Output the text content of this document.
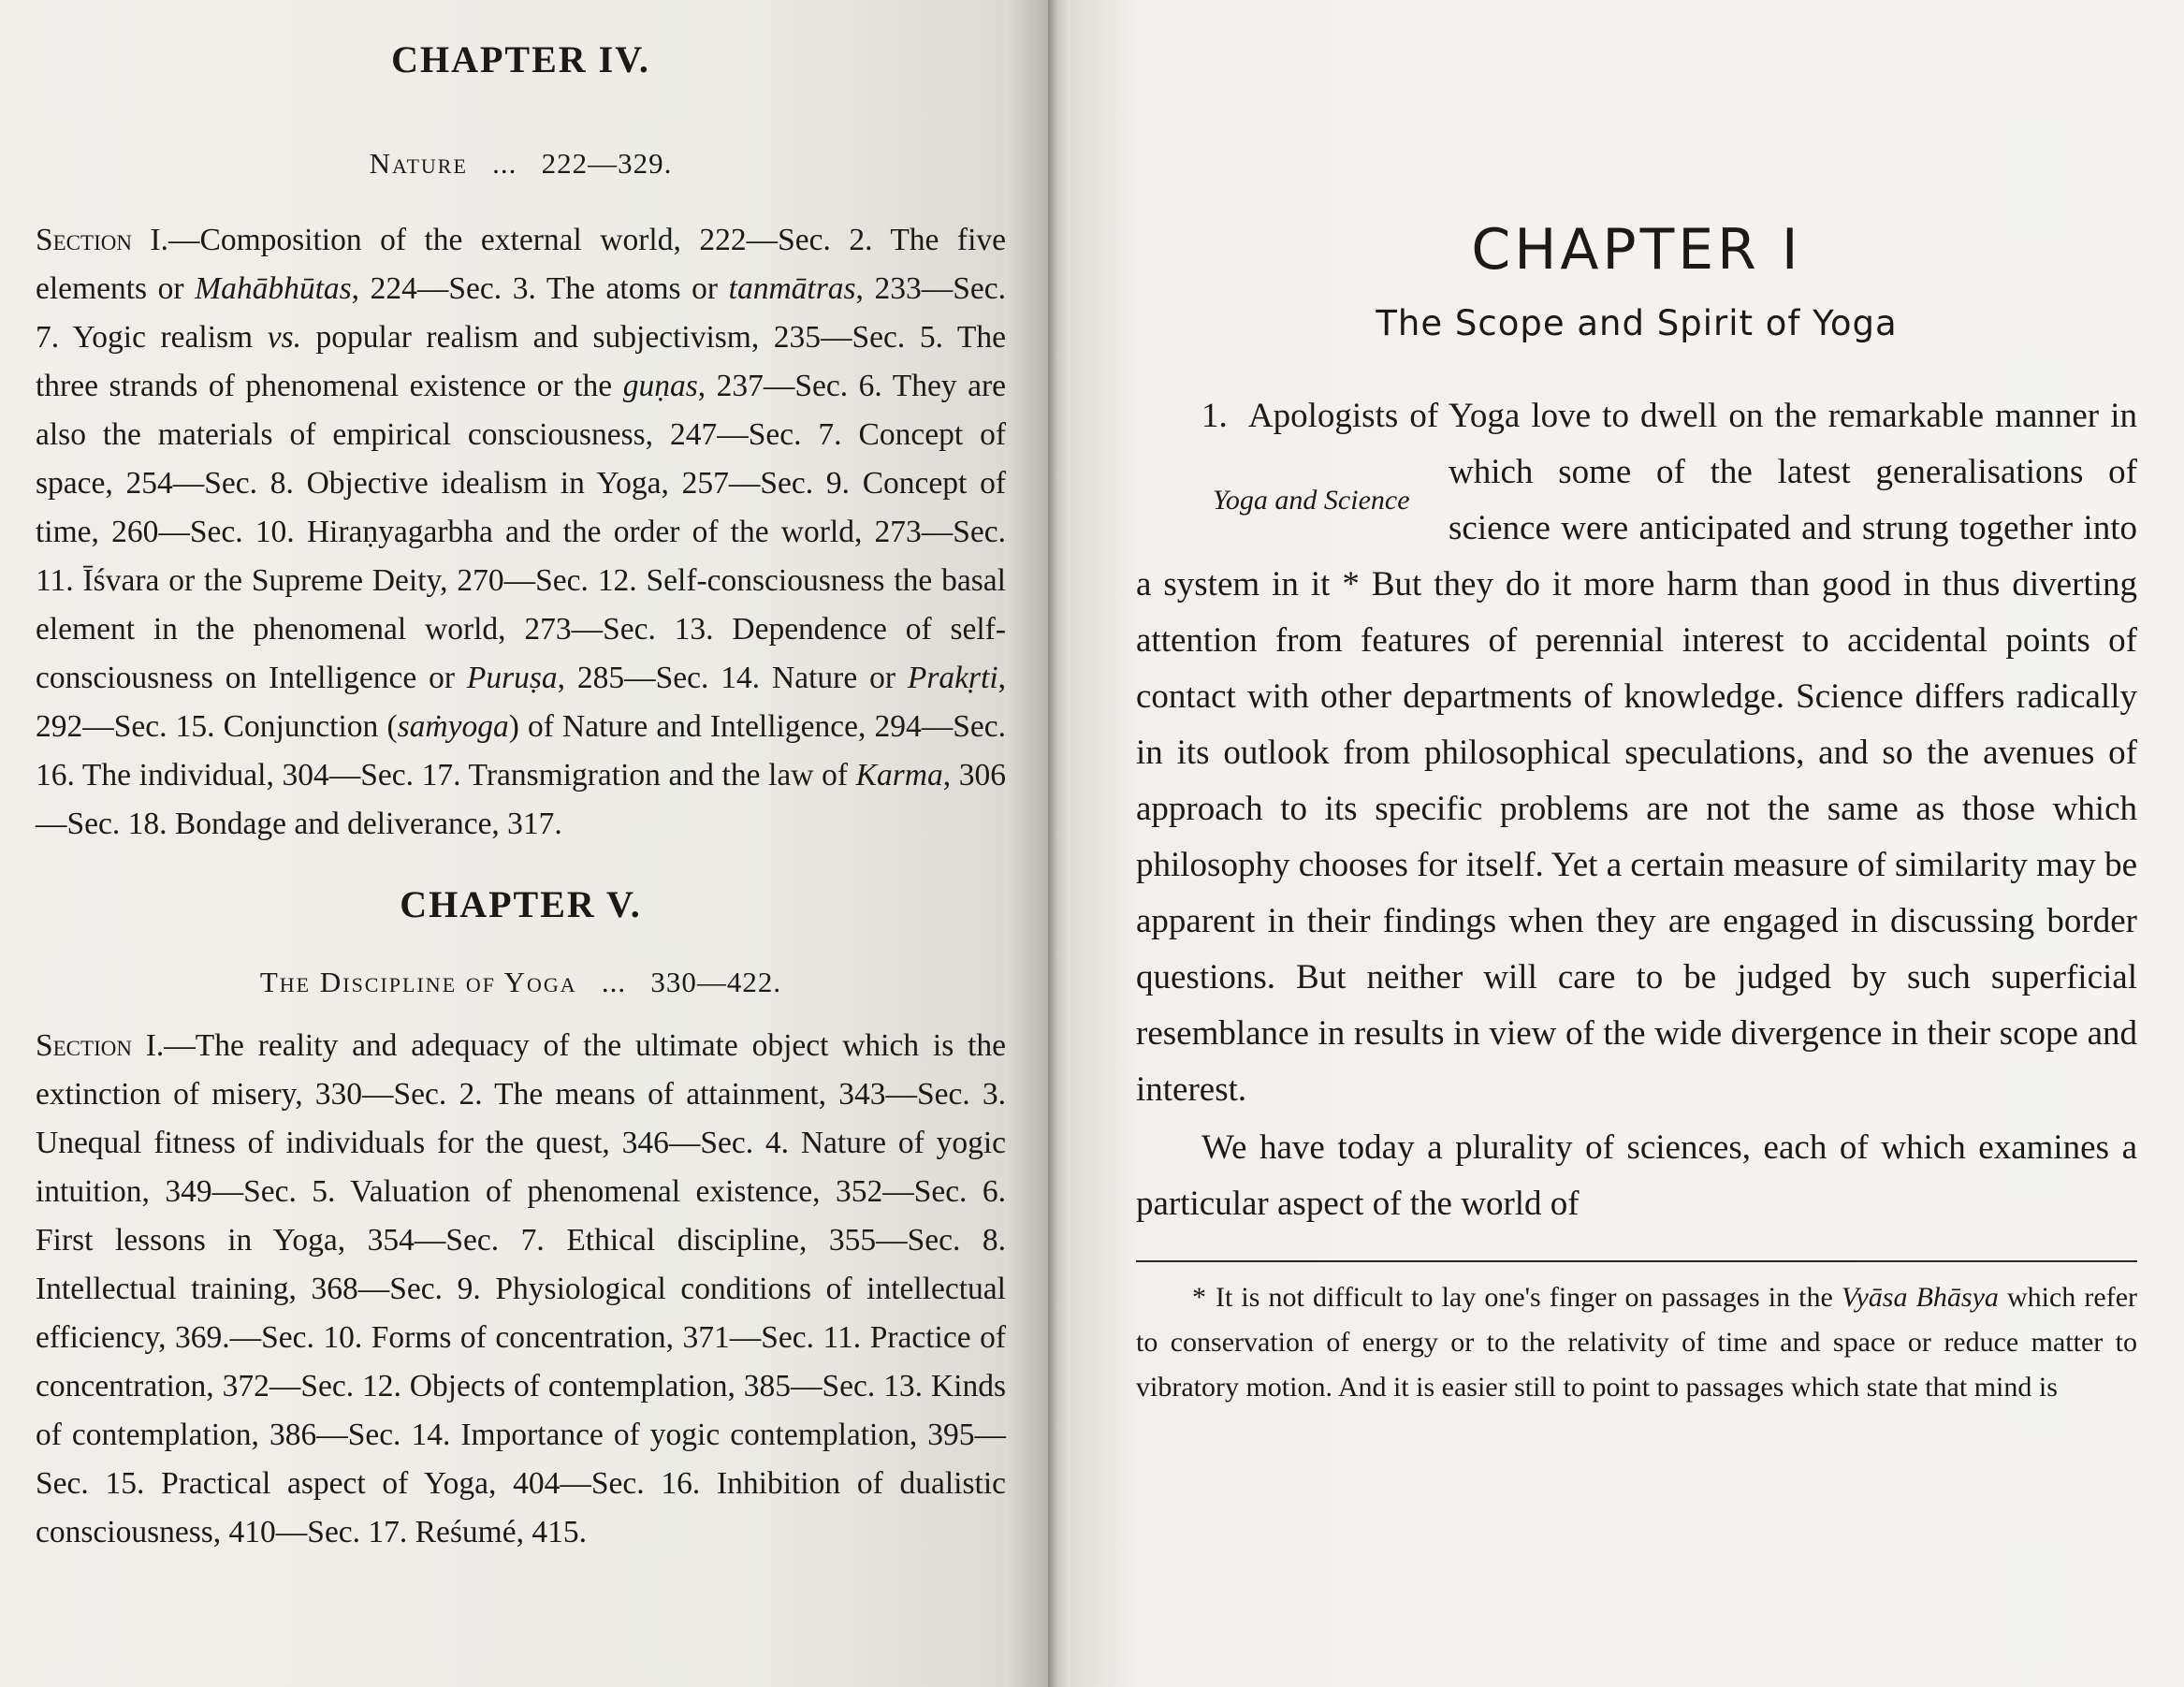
CHAPTER IV.
Nature ... 222—329.

Section I.—Composition of the external world, 222—Sec. 2. The five elements or Mahābhūtas, 224—Sec. 3. The atoms or tanmātras, 233—Sec. 7. Yogic realism vs. popular realism and subjectivism, 235—Sec. 5. The three strands of phenomenal existence or the guṇas, 237—Sec. 6. They are also the materials of empirical consciousness, 247—Sec. 7. Concept of space, 254—Sec. 8. Objective idealism in Yoga, 257—Sec. 9. Concept of time, 260—Sec. 10. Hiraṇyagarbha and the order of the world, 273—Sec. 11. Īśvara or the Supreme Deity, 270—Sec. 12. Self-consciousness the basal element in the phenomenal world, 273—Sec. 13. Dependence of self-consciousness on Intelligence or Puruṣa, 285—Sec. 14. Nature or Prakṛti, 292—Sec. 15. Conjunction (saṁyoga) of Nature and Intelligence, 294—Sec. 16. The individual, 304—Sec. 17. Transmigration and the law of Karma, 306—Sec. 18. Bondage and deliverance, 317.

CHAPTER V.
The Discipline of Yoga ... 330—422.

Section I.—The reality and adequacy of the ultimate object which is the extinction of misery, 330—Sec. 2. The means of attainment, 343—Sec. 3. Unequal fitness of individuals for the quest, 346—Sec. 4. Nature of yogic intuition, 349—Sec. 5. Valuation of phenomenal existence, 352—Sec. 6. First lessons in Yoga, 354—Sec. 7. Ethical discipline, 355—Sec. 8. Intellectual training, 368—Sec. 9. Physiological conditions of intellectual efficiency, 369.—Sec. 10. Forms of concentration, 371—Sec. 11. Practice of concentration, 372—Sec. 12. Objects of contemplation, 385—Sec. 13. Kinds of contemplation, 386—Sec. 14. Importance of yogic contemplation, 395—Sec. 15. Practical aspect of Yoga, 404—Sec. 16. Inhibition of dualistic consciousness, 410—Sec. 17. Reśumé, 415.

CHAPTER I
The Scope and Spirit of Yoga

1. Apologists of Yoga love to dwell on the remarkable manner in which some of the latest generalisations of
Yoga and Science
science were anticipated and strung together into a system in it * But they do it more harm than good in thus diverting attention from features of perennial interest to accidental points of contact with other departments of knowledge. Science differs radically in its outlook from philosophical speculations, and so the avenues of approach to its specific problems are not the same as those which philosophy chooses for itself. Yet a certain measure of similarity may be apparent in their findings when they are engaged in discussing border questions. But neither will care to be judged by such superficial resemblance in results in view of the wide divergence in their scope and interest.

We have today a plurality of sciences, each of which examines a particular aspect of the world of

* It is not difficult to lay one's finger on passages in the Vyāsa Bhāsya which refer to conservation of energy or to the relativity of time and space or reduce matter to vibratory motion. And it is easier still to point to passages which state that mind is
